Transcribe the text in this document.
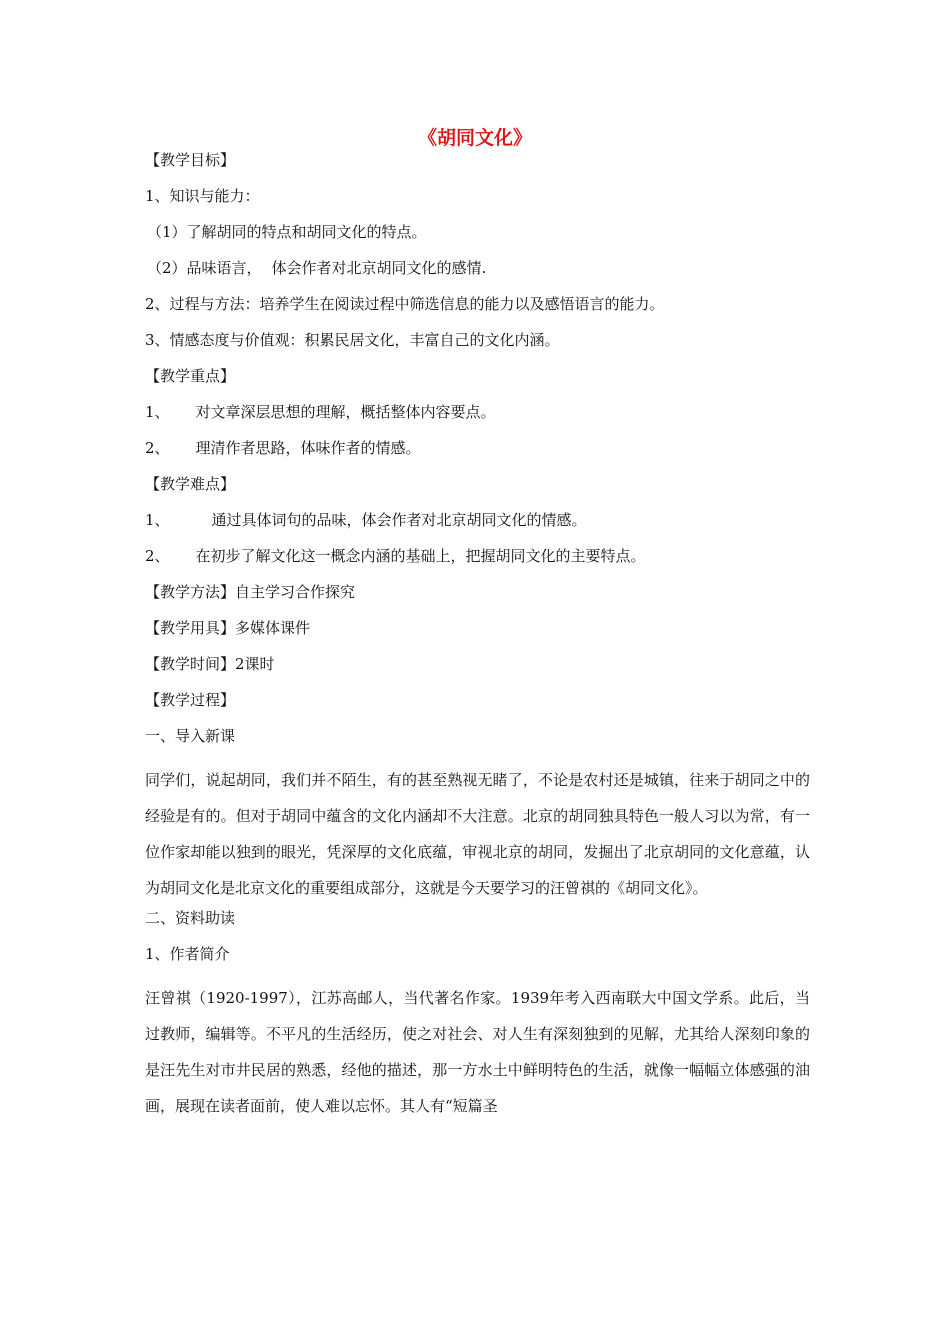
《胡同文化》
【教学目标】
1、知识与能力：
（1）了解胡同的特点和胡同文化的特点。
（2）品味语言， 体会作者对北京胡同文化的感情.
2、过程与方法：培养学生在阅读过程中筛选信息的能力以及感悟语言的能力。
3、情感态度与价值观：积累民居文化，丰富自己的文化内涵。
【教学重点】
1、 对文章深层思想的理解，概括整体内容要点。
2、 理清作者思路，体味作者的情感。
【教学难点】
1、	通过具体词句的品味，体会作者对北京胡同文化的情感。
2、 在初步了解文化这一概念内涵的基础上，把握胡同文化的主要特点。
【教学方法】自主学习合作探究
【教学用具】多媒体课件
【教学时间】2课时
【教学过程】
一、导入新课
同学们，说起胡同，我们并不陌生，有的甚至熟视无睹了，不论是农村还是城镇，往来于胡同之中的经验是有的。但对于胡同中蕴含的文化内涵却不大注意。北京的胡同独具特色一般人习以为常，有一位作家却能以独到的眼光，凭深厚的文化底蕴，审视北京的胡同，发掘出了北京胡同的文化意蕴，认为胡同文化是北京文化的重要组成部分，这就是今天要学习的汪曾祺的《胡同文化》。
二、资料助读
1、作者简介
汪曾祺（1920-1997），江苏高邮人，当代著名作家。1939年考入西南联大中国文学系。此后，当过教师，编辑等。不平凡的生活经历，使之对社会、对人生有深刻独到的见解，尤其给人深刻印象的是汪先生对市井民居的熟悉，经他的描述，那一方水土中鲜明特色的生活，就像一幅幅立体感强的油画，展现在读者面前，使人难以忘怀。其人有“短篇圣
